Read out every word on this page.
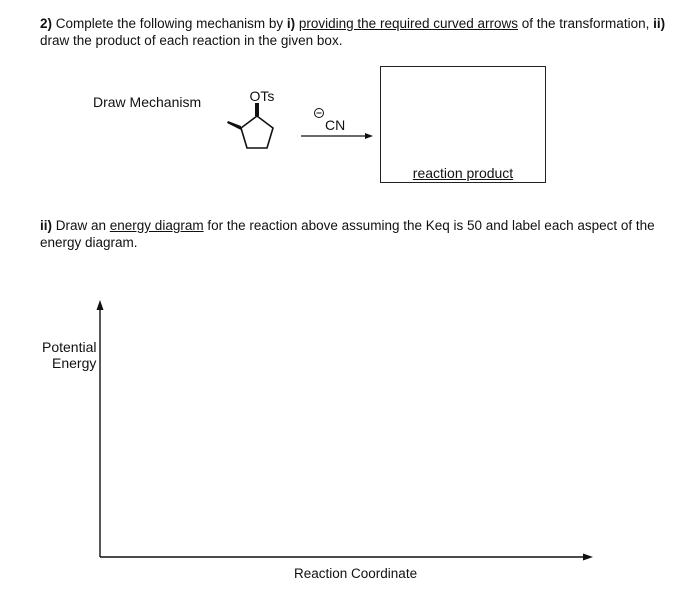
2) Complete the following mechanism by i) providing the required curved arrows of the transformation, ii)
draw the product of each reaction in the given box.
Draw Mechanism	OTs
CN
reaction product
ii) Draw an energy diagram for the reaction above assuming the Keq is 50 and label each aspect of the
energy diagram.
Potential
Energy
Reaction Coordinate
